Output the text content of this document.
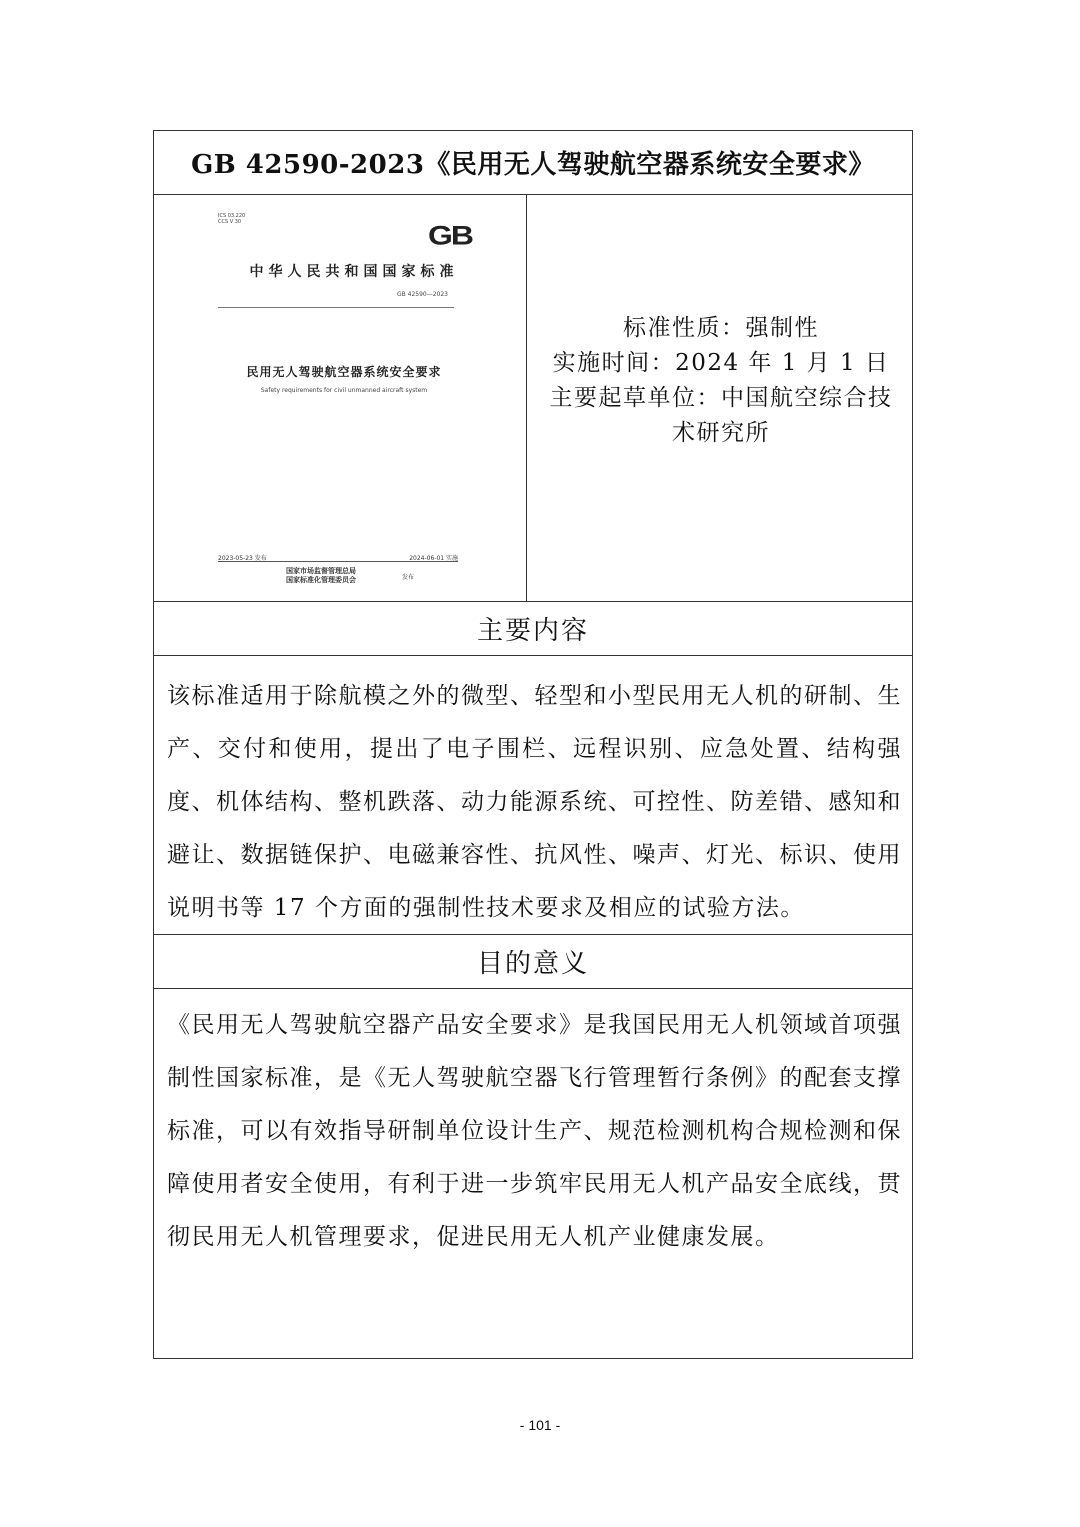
GB 42590-2023《民用无人驾驶航空器系统安全要求》
ICS 03.220
CCS V 30	GB
中华人民共和国国家标准
GB 42590—2023
民用无人驾驶航空器系统安全要求
Safety requirements for civil unmanned aircraft system
2023-05-23 发布	2024-06-01 实施
国家市场监督管理总局
国家标准化管理委员会	发布
标准性质：强制性
实施时间：2024 年 1 月 1 日
主要起草单位：中国航空综合技术研究所
主要内容
该标准适用于除航模之外的微型、轻型和小型民用无人机的研制、生产、交付和使用，提出了电子围栏、远程识别、应急处置、结构强度、机体结构、整机跌落、动力能源系统、可控性、防差错、感知和避让、数据链保护、电磁兼容性、抗风性、噪声、灯光、标识、使用说明书等 17 个方面的强制性技术要求及相应的试验方法。
目的意义
《民用无人驾驶航空器产品安全要求》是我国民用无人机领域首项强制性国家标准，是《无人驾驶航空器飞行管理暂行条例》的配套支撑标准，可以有效指导研制单位设计生产、规范检测机构合规检测和保障使用者安全使用，有利于进一步筑牢民用无人机产品安全底线，贯彻民用无人机管理要求，促进民用无人机产业健康发展。
- 101 -
